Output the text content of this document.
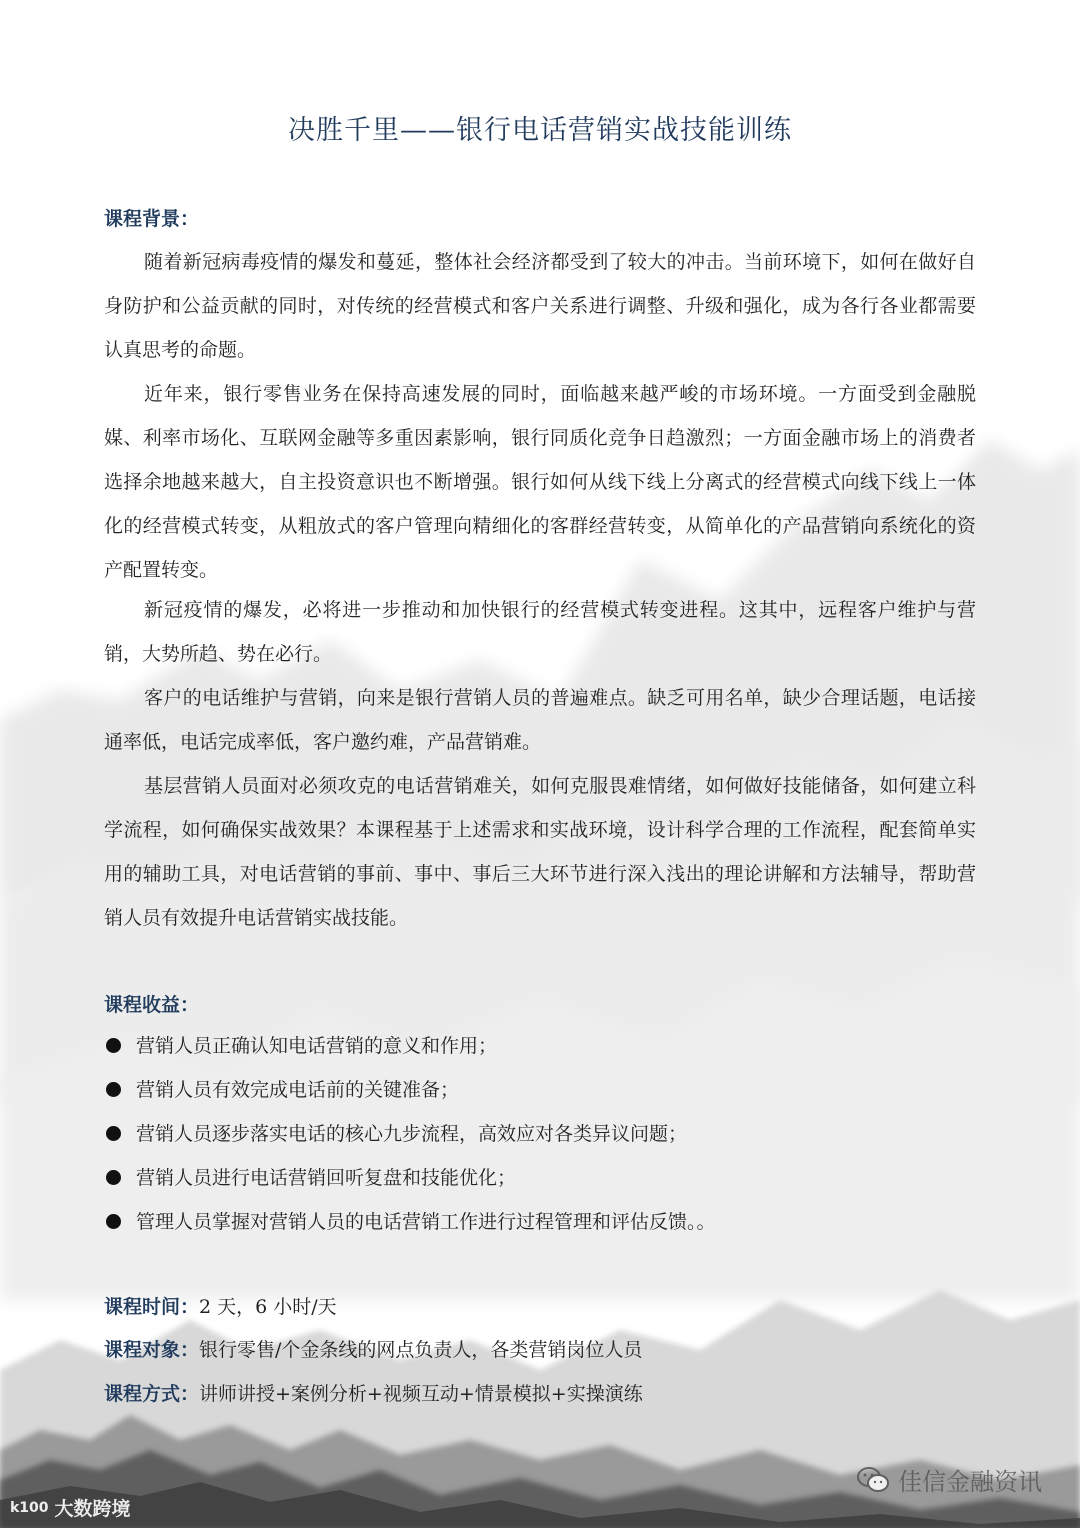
决胜千里——银行电话营销实战技能训练
课程背景：

随着新冠病毒疫情的爆发和蔓延，整体社会经济都受到了较大的冲击。当前环境下，如何在做好自身防护和公益贡献的同时，对传统的经营模式和客户关系进行调整、升级和强化，成为各行各业都需要认真思考的命题。

近年来，银行零售业务在保持高速发展的同时，面临越来越严峻的市场环境。一方面受到金融脱媒、利率市场化、互联网金融等多重因素影响，银行同质化竞争日趋激烈；一方面金融市场上的消费者选择余地越来越大，自主投资意识也不断增强。银行如何从线下线上分离式的经营模式向线下线上一体化的经营模式转变，从粗放式的客户管理向精细化的客群经营转变，从简单化的产品营销向系统化的资产配置转变。

新冠疫情的爆发，必将进一步推动和加快银行的经营模式转变进程。这其中，远程客户维护与营销，大势所趋、势在必行。

客户的电话维护与营销，向来是银行营销人员的普遍难点。缺乏可用名单，缺少合理话题，电话接通率低，电话完成率低，客户邀约难，产品营销难。

基层营销人员面对必须攻克的电话营销难关，如何克服畏难情绪，如何做好技能储备，如何建立科学流程，如何确保实战效果？本课程基于上述需求和实战环境，设计科学合理的工作流程，配套简单实用的辅助工具，对电话营销的事前、事中、事后三大环节进行深入浅出的理论讲解和方法辅导，帮助营销人员有效提升电话营销实战技能。

课程收益：
营销人员正确认知电话营销的意义和作用；
营销人员有效完成电话前的关键准备；
营销人员逐步落实电话的核心九步流程，高效应对各类异议问题；
营销人员进行电话营销回听复盘和技能优化；
管理人员掌握对营销人员的电话营销工作进行过程管理和评估反馈。。
课程时间：2 天，6 小时/天
课程对象：银行零售/个金条线的网点负责人，各类营销岗位人员
课程方式：讲师讲授+案例分析+视频互动+情景模拟+实操演练
佳信金融资讯
k100 大数跨境
